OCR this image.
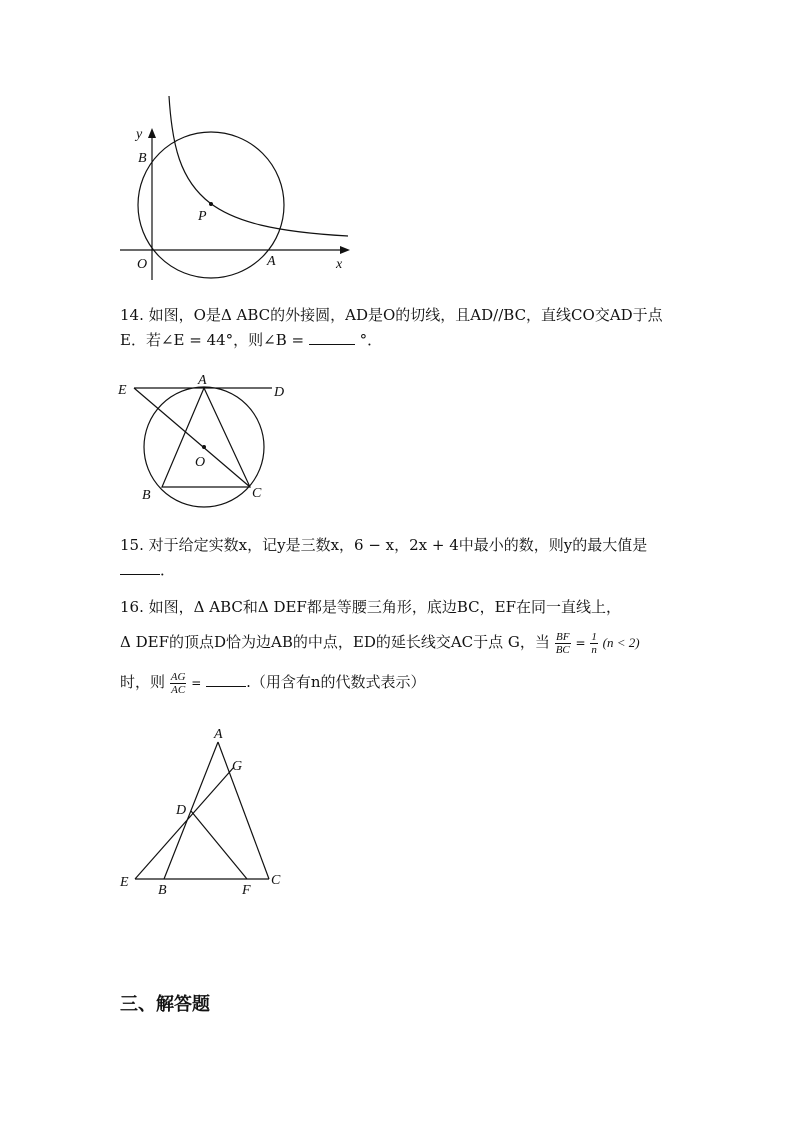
y
B
P
O	A	x
14. 如图，O是Δ ABC的外接圆，AD是O的切线，且AD//BC，直线CO交AD于点
E．若∠E = 44°，则∠B =	°．
E
A
D
O
B	C
15. 对于给定实数x，记y是三数x，6 − x，2x + 4中最小的数，则y的最大值是
．
16. 如图，Δ ABC和Δ DEF都是等腰三角形，底边BC，EF在同一直线上，
Δ DEF的顶点D恰为边AB的中点，ED的延长线交AC于点 G，当 $\frac{BF}{BC} = \frac{1}{n} (n < 2)$
时，则 $\frac{AG}{AC}$ =	.（用含有n的代数式表示）
A
G
D
E
B	F
C
三、解答题
